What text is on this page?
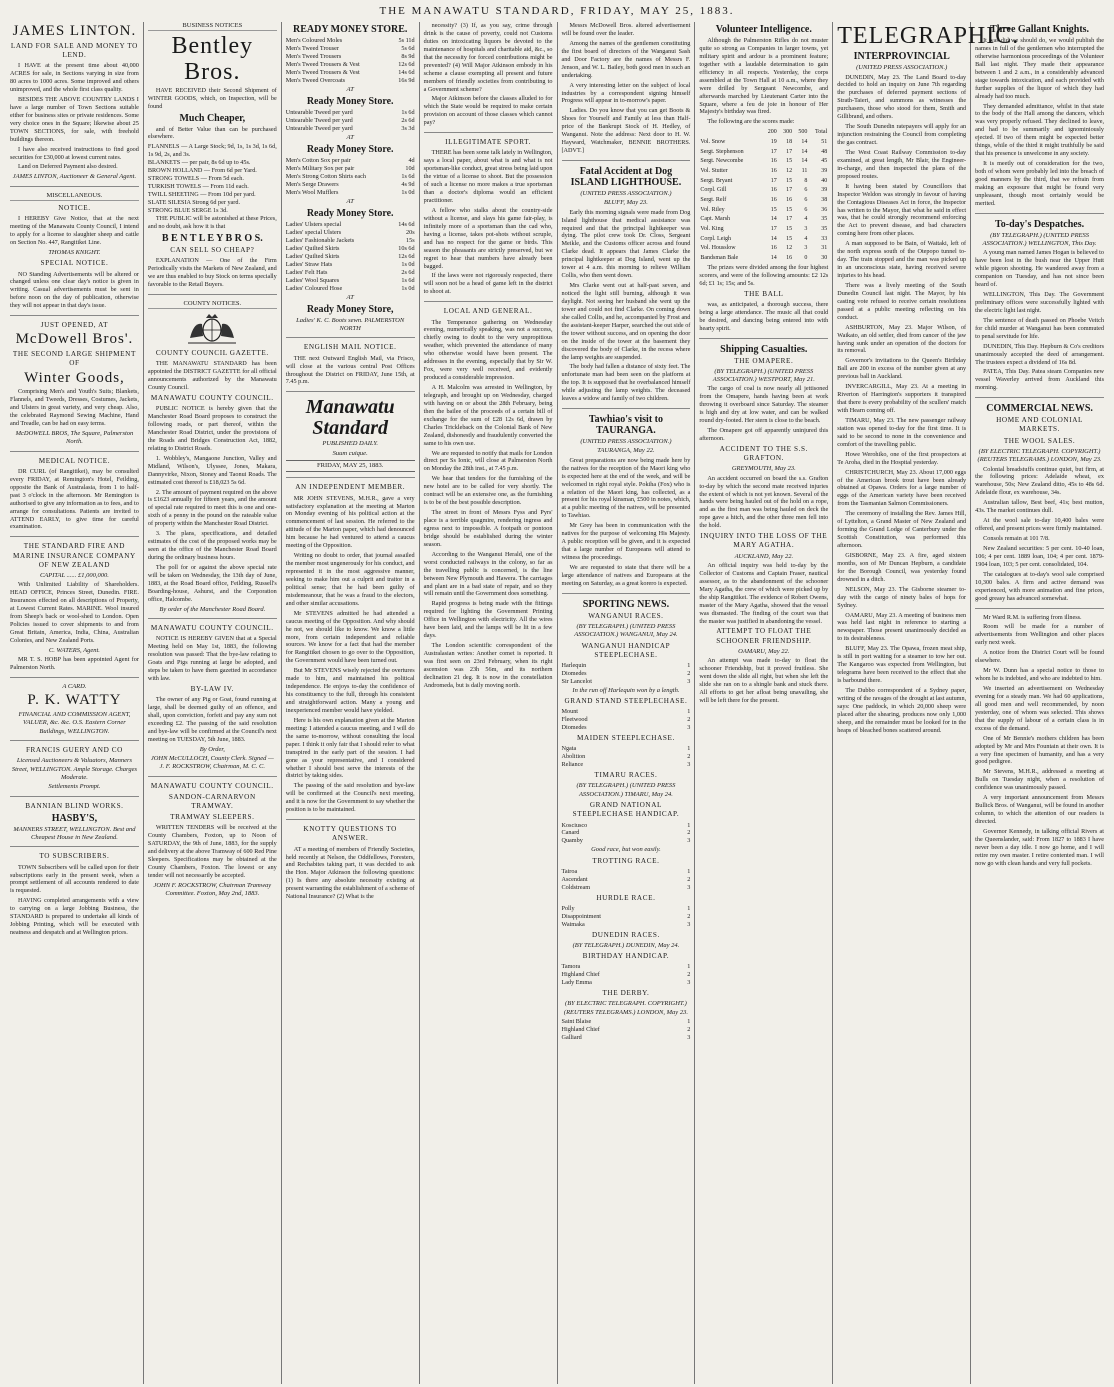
THE MANAWATU STANDARD, FRIDAY, MAY 25, 1883.
JAMES LINTON.
LAND FOR SALE AND MONEY TO LEND.

I HAVE at the present time about 40,000 ACRES for sale, in Sections varying in size from 80 acres to 1000 acres. Some improved and others unimproved, and the whole first class quality.

BESIDES THE ABOVE COUNTRY LANDS I have a large number of Town Sections suitable either for business sites or private residences. Some very choice ones in the Square; likewise about 25 TOWN SECTIONS, for sale, with freehold buildings thereon.

I have also received instructions to find good securities for £30,000 at lowest current rates.

Land on Deferred Payment also desired.

JAMES LINTON, Auctioneer & General Agent.
MISCELLANEOUS.
NOTICE.

I HEREBY Give Notice, that at the next meeting of the Manawatu County Council, I intend to apply for a license to slaughter sheep and cattle on Section No. 447, Rangitikei Line.

THOMAS KNIGHT.
SPECIAL NOTICE.

NO Standing Advertisements will be altered or changed unless one clear day's notice is given in writing. Casual advertisements must be sent in before noon on the day of publication, otherwise they will not appear in that day's issue.

JUST OPENED, AT
McDowell Bros'.
THE SECOND LARGE SHIPMENT OF
Winter Goods,

Comprising Men's and Youth's Suits; Blankets, Flannels, and Tweeds, Dresses, Costumes, Jackets, and Ulsters in great variety, and very cheap. Also, the celebrated Raymond Sewing Machine, Hand and Treadle, can be had on easy terms.

McDOWELL BROS, The Square, Palmerston North.
MEDICAL NOTICE.

DR CURL (of Rangitikei), may be consulted every FRIDAY, at Remington's Hotel, Feilding, opposite the Bank of Australasia, from 1 to half-past 3 o'clock in the afternoon. Mr Remington is authorised to give any information as to fees, and to arrange for consultations. Patients are invited to ATTEND EARLY, to give time for careful examination.

THE STANDARD FIRE AND MARINE INSURANCE COMPANY OF NEW ZEALAND
CAPITAL ...... £1,000,000.

With Unlimited Liability of Shareholders. HEAD OFFICE, Princes Street, Dunedin. FIRE. Insurances effected on all descriptions of Property, at Lowest Current Rates. MARINE. Wool insured from Sheep's back or wool-shed to London. Open Policies issued to cover shipments to and from Great Britain, America, India, China, Australian Colonies, and New Zealand Ports.

C. WATERS, Agent.

MR T. S. HOBP has been appointed Agent for Palmerston North.

A CARD.
P. K. WATTY
FINANCIAL AND COMMISSION AGENT, VALUER, &c. &c. O.S. Eastern Corner Buildings, WELLINGTON.
FRANCIS GUERY AND CO
Licensed Auctioneers & Valuators, Manners Street, WELLINGTON. Ample Storage. Charges Moderate.
Settlements Prompt.
BANNIAN BLIND WORKS.
HASBY'S,
MANNERS STREET, WELLINGTON. Best and Cheapest House in New Zealand.
TO SUBSCRIBERS.

TOWN Subscribers will be called upon for their subscriptions early in the present week, when a prompt settlement of all accounts rendered to date is requested.

HAVING completed arrangements with a view to carrying on a large Jobbing Business, the STANDARD is prepared to undertake all kinds of Jobbing Printing, which will be executed with neatness and despatch and at Wellington prices.

BUSINESS NOTICES
Bentley Bros.

HAVE RECEIVED their Second Shipment of WINTER GOODS, which, on Inspection, will be found

Much Cheaper,

and of Better Value than can be purchased elsewhere.

FLANNELS — A Large Stock; 9d, 1s, 1s 3d, 1s 6d, 1s 9d, 2s, and 3s.
BLANKETS — per pair, 8s 6d up to 45s.
BROWN HOLLAND — From 6d per Yard.
STRONG TOWELS — From 5d each.
TURKISH TOWELS — From 11d each.
TWILL SHEETING — From 10d per yard.
SLATE SILESIA Strong 6d per yard.
STRONG BLUE SERGE 1s 3d.

THE PUBLIC will be astonished at these Prices, and no doubt, ask how it is that

B E N T L E Y B R O S.
CAN SELL SO CHEAP?

EXPLANATION — One of the Firm Periodically visits the Markets of New Zealand, and we are thus enabled to buy Stock on terms specially favorable to the Retail Buyers.

COUNTY NOTICES.
COUNTY COUNCIL GAZETTE.

THE MANAWATU STANDARD has been appointed the DISTRICT GAZETTE for all official announcements authorized by the Manawatu County Council.

MANAWATU COUNTY COUNCIL.

PUBLIC NOTICE is hereby given that the Manchester Road Board proposes to construct the following roads, or part thereof, within the Manchester Road District, under the provisions of the Roads and Bridges Construction Act, 1882, relating to District Roads.

1. Wobbley's, Mangaone Junction, Valley and Midland, Wilson's, Ulyssee, Jones, Makara, Dannyvirke, Nixon, Stoney and Taonui Roads. The estimated cost thereof is £18,023 5s 6d.

2. The amount of payment required on the above is £1623 annually for fifteen years, and the amount of special rate required to meet this is one and one-sixth of a penny in the pound on the rateable value of property within the Manchester Road District.

3. The plans, specifications, and detailed estimates of the cost of the proposed works may be seen at the office of the Manchester Road Board during the ordinary business hours.

The poll for or against the above special rate will be taken on Wednesday, the 13th day of June, 1883, at the Road Board office, Feilding, Russell's Boarding-house, Ashurst, and the Corporation office, Halcombe.

By order of the Manchester Road Board.
MANAWATU COUNTY COUNCIL.

NOTICE IS HEREBY GIVEN that at a Special Meeting held on May 1st, 1883, the following resolution was passed: That the bye-law relating to Goats and Pigs running at large be adopted, and steps be taken to have them gazetted in accordance with law.

BY-LAW IV.

The owner of any Pig or Goat, found running at large, shall be deemed guilty of an offence, and shall, upon conviction, forfeit and pay any sum not exceeding £2. The passing of the said resolution and bye-law will be confirmed at the Council's next meeting on TUESDAY, 5th June, 1883.

By Order,
JOHN McCULLOCH, County Clerk. Signed — J. F. ROCKSTROW, Chairman, M. C. C.
MANAWATU COUNTY COUNCIL.
SANDON-CARNARVON TRAMWAY.
TRAMWAY SLEEPERS.

WRITTEN TENDERS will be received at the County Chambers, Foxton, up to Noon of SATURDAY, the 9th of June, 1883, for the supply and delivery at the above Tramway of 600 Red Pine Sleepers. Specifications may be obtained at the County Chambers, Foxton. The lowest or any tender will not necessarily be accepted.

JOHN F. ROCKSTROW, Chairman Tramway Committee. Foxton, May 2nd, 1883.
READY MONEY STORE.
Men's Coloured Moles	5s 11d
Men's Tweed Trouser	5s 6d
Men's Tweed Trousers	8s 9d
Men's Tweed Trousers & Vest	12s 6d
Men's Tweed Trousers & Vest	14s 6d
Men's Tweed Overcoats	16s 9d
AT
Ready Money Store.
Untearable Tweed per yard	1s 6d
Untearable Tweed per yard	2s 6d
Untearable Tweed per yard	3s 3d
AT
Ready Money Store.
Men's Cotton Sox per pair	4d
Men's Military Sox per pair	10d
Men's Strong Cotton Shirts each	1s 6d
Men's Serge Drawers	4s 9d
Men's Wool Mufflers	1s 0d
AT
Ready Money Store.
Ladies' Ulsters special	14s 6d
Ladies' special Ulsters	20s
Ladies' Fashionable Jackets	15s
Ladies' Quilted Skirts	10s 6d
Ladies' Quilted Skirts	12s 6d
Ladies' Straw Hats	1s 0d
Ladies' Felt Hats	2s 6d
Ladies' Wool Squares	1s 6d
Ladies' Coloured Hose	1s 0d
AT
Ready Money Store,
Ladies' K. C. Boots sewn. PALMERSTON NORTH
ENGLISH MAIL NOTICE.

THE next Outward English Mail, via Frisco, will close at the various central Post Offices throughout the District on FRIDAY, June 15th, at 7.45 p.m.

Manawatu Standard
PUBLISHED DAILY.
Suum cuique.
FRIDAY, MAY 25, 1883.
AN INDEPENDENT MEMBER.

MR JOHN STEVENS, M.H.R., gave a very satisfactory explanation at the meeting at Marton on Monday evening of his political action at the commencement of last session. He referred to the attitude of the Marton paper, which had denounced him because he had ventured to attend a caucus meeting of the Opposition.

Writing no doubt to order, that journal assailed the member most ungenerously for his conduct, and represented it in the most aggressive manner, seeking to make him out a culprit and traitor in a political sense; that he had been guilty of misdemeanour, that he was a fraud to the electors, and other similar accusations.

Mr STEVENS admitted he had attended a caucus meeting of the Opposition. And why should he not, we should like to know. We know a little more, from certain independent and reliable sources. We know for a fact that had the member for Rangitikei chosen to go over to the Opposition, the Government would have been turned out.

But Mr STEVENS wisely rejected the overtures made to him, and maintained his political independence. He enjoys to-day the confidence of his constituency to the full, through his consistent and straightforward action. Many a young and inexperienced member would have yielded.

Here is his own explanation given at the Marton meeting: I attended a caucus meeting, and I will do the same to-morrow, without consulting the local paper. I think it only fair that I should refer to what transpired in the early part of the session. I had gone as your representative, and I considered whether I should best serve the interests of the district by taking sides.

The passing of the said resolution and bye-law will be confirmed at the Council's next meeting, and it is now for the Government to say whether the position is to be maintained.

KNOTTY QUESTIONS TO ANSWER.

AT a meeting of members of Friendly Societies, held recently at Nelson, the Oddfellows, Foresters, and Rechabites taking part, it was decided to ask the Hon. Major Atkinson the following questions: (1) Is there any absolute necessity existing at present warranting the establishment of a scheme of National Insurance? (2) What is the

necessity? (3) If, as you say, crime through drink is the cause of poverty, could not Customs duties on intoxicating liquors be devoted to the maintenance of hospitals and charitable aid, &c., so that the necessity for forced contributions might be prevented? (4) Will Major Atkinson embody in his scheme a clause exempting all present and future members of friendly societies from contributing to a Government scheme?

Major Atkinson before the classes alluded to for which the State would be required to make certain provision on account of those classes which cannot pay?

ILLEGITIMATE SPORT.

THERE has been some talk lately in Wellington, says a local paper, about what is and what is not sportsman-like conduct, great stress being laid upon the virtue of a license to shoot. But the possession of such a license no more makes a true sportsman than a doctor's diploma would an efficient practitioner.

A fellow who stalks about the country-side without a license, and slays his game fair-play, is infinitely more of a sportsman than the cad who, having a license, takes pot-shots without scruple, and has no respect for the game or birds. This season the pheasants are strictly preserved, but we regret to hear that numbers have already been bagged.

If the laws were not rigorously respected, there will soon not be a head of game left in the district to shoot at.

LOCAL AND GENERAL.

The Temperance gathering on Wednesday evening, numerically speaking, was not a success, chiefly owing to doubt to the very unpropitious weather, which prevented the attendance of many who otherwise would have been present. The addresses in the evening, especially that by Sir W. Fox, were very well received, and evidently produced a considerable impression.

A H. Malcolm was arrested in Wellington, by telegraph, and brought up on Wednesday, charged with having on or about the 28th February, being then the bailee of the proceeds of a certain bill of exchange for the sum of £28 12s 6d, drawn by Charles Trickleback on the Colonial Bank of New Zealand, dishonestly and fraudulently converted the same to his own use.

We are requested to notify that mails for London direct per Ss Ionic, will close at Palmerston North on Monday the 28th inst., at 7.45 p.m.

We hear that tenders for the furnishing of the new hotel are to be called for very shortly. The contract will be an extensive one, as the furnishing is to be of the best possible description.

The street in front of Messrs Fyss and Pyrs' place is a terrible quagmire, rendering ingress and egress next to impossible. A footpath or pontoon bridge should be established during the winter season.

According to the Wanganui Herald, one of the worst conducted railways in the colony, so far as the travelling public is concerned, is the line between New Plymouth and Hawera. The carriages and plant are in a bad state of repair, and so they will remain until the Government does something.

Rapid progress is being made with the fittings required for lighting the Government Printing Office in Wellington with electricity. All the wires have been laid, and the lamps will be lit in a few days.

The London scientific correspondent of the Australasian writes: Another comet is reported. It was first seen on 23rd February, when its right ascension was 23h 56m, and its northern declination 21 deg. It is now in the constellation Andromeda, but is daily moving north.

Messrs McDowell Bros. altered advertisement will be found over the leader.

Among the names of the gentlemen constituting the first board of directors of the Wanganui Sash and Door Factory are the names of Messrs F. Jenson, and W. L. Bailey, both good men in such an undertaking.

A very interesting letter on the subject of local industries by a correspondent signing himself Progress will appear in to-morrow's paper.

Ladies. Do you know that you can get Boots & Shoes for Yourself and Family at less than Half-price of the Bankrupt Stock of H. Hedley, of Wanganui. Note the address: Next door to H. W. Hayward, Watchmaker, BENNIE BROTHERS. [ADVT.]

Fatal Accident at Dog ISLAND LIGHTHOUSE.
(UNITED PRESS ASSOCIATION.)
BLUFF, May 23.

Early this morning signals were made from Dog Island lighthouse that medical assistance was required and that the principal lightkeeper was dying. The pilot crew took Dr. Closs, Sergeant Meikle, and the Customs officer across and found Clarke dead. It appears that James Clarke the principal lightkeeper at Dog Island, went up the tower at 4 a.m. this morning to relieve William Collis, who then went down.

Mrs Clarke went out at half-past seven, and noticed the light still burning, although it was daylight. Not seeing her husband she went up the tower and could not find Clarke. On coming down she called Collis, and he, accompanied by Frost and the assistant-keeper Harper, searched the out side of the tower without success, and on opening the door on the inside of the tower at the basement they discovered the body of Clarke, in the recess where the lamp weights are suspended.

The body had fallen a distance of sixty feet. The unfortunate man had been seen on the platform at the top. It is supposed that he overbalanced himself while adjusting the lamp weights. The deceased leaves a widow and family of two children.

Tawhiao's visit to TAURANGA.
(UNITED PRESS ASSOCIATION.)
TAURANGA, May 22.

Great preparations are now being made here by the natives for the reception of the Maori king who is expected here at the end of the week, and will be welcomed in right royal style. Pokiha (Fox) who is a relation of the Maori king, has collected, as a present for his royal kinsman, £500 in notes, which, at a public meeting of the natives, will be presented to Tawhiao.

Mr Grey has been in communication with the natives for the purpose of welcoming His Majesty. A public reception will be given, and it is expected that a large number of Europeans will attend to witness the proceedings.

We are requested to state that there will be a large attendance of natives and Europeans at the meeting on Saturday, as a great korero is expected.

SPORTING NEWS.
WANGANUI RACES.
(BY TELEGRAPH.) (UNITED PRESS ASSOCIATION.) WANGANUI, May 24.
WANGANUI HANDICAP STEEPLECHASE.
Harlequin	1
Diomedes	2
Sir Lancelot	3
In the run off Harlequin won by a length.
GRAND STAND STEEPLECHASE.
Mount	1
Fleetwood	2
Diomedes	3
MAIDEN STEEPLECHASE.
Ngata	1
Abolition	2
Reliance	3
TIMARU RACES.
(BY TELEGRAPH.) (UNITED PRESS ASSOCIATION.) TIMARU, May 24.
GRAND NATIONAL STEEPLECHASE HANDICAP.
Kosciusco	1
Canard	2
Quamby	3
Good race, but won easily.
TROTTING RACE.
Tairoa	1
Ascendant	2
Coldstream	3
HURDLE RACE.
Polly	1
Disappointment	2
Waimaka	3
DUNEDIN RACES.
(BY TELEGRAPH.) DUNEDIN, May 24.
BIRTHDAY HANDICAP.
Tamora	1
Highland Chief	2
Lady Emma	3
THE DERBY.
(BY ELECTRIC TELEGRAPH. COPYRIGHT.) (REUTERS TELEGRAMS.) LONDON, May 23.
Saint Blaise	1
Highland Chief	2
Galliard	3
Volunteer Intelligence.

Although the Palmerston Rifles do not muster quite so strong as Companies in larger towns, yet military spirit and ardour is a prominent feature; together with a laudable determination to gain efficiency in all respects. Yesterday, the corps assembled at the Town Hall at 10 a.m., where they were drilled by Sergeant Newcombe, and afterwards marched by Lieutenant Carter into the Square, where a feu de joie in honour of Her Majesty's birthday was fired.

The following are the scores made:

	200	300	500	Total
Vol. Snow	19	18	14	51
Sergt. Stephenson	17	17	14	48
Sergt. Newcombe	16	15	14	45
Vol. Stutter	16	12	11	39
Sergt. Bryant	17	15	8	40
Corpl. Gill	16	17	6	39
Sergt. Relf	16	16	6	38
Vol. Riley	15	15	6	36
Capt. Marsh	14	17	4	35
Vol. King	17	15	3	35
Corpl. Leigh	14	15	4	33
Vol. Housslow	16	12	3	31
Bandsman Bale	14	16	0	30

The prizes were divided among the four highest scorers, and were of the following amounts: £2 12s 6d; £1 1s; 15s; and 5s.

THE BALL

was, as anticipated, a thorough success, there being a large attendance. The music all that could be desired, and dancing being entered into with hearty spirit.

Shipping Casualties.
THE OMAPERE.
(BY TELEGRAPH.) (UNITED PRESS ASSOCIATION.) WESTPORT, May 21.

The cargo of coal is now nearly all jettisoned from the Omapere, hands having been at work throwing it overboard since Saturday. The steamer is high and dry at low water, and can be walked round dry-footed. Her stern is close to the beach.

The Omapere got off apparently uninjured this afternoon.

ACCIDENT TO THE S.S. GRAFTON.
GREYMOUTH, May 23.

An accident occurred on board the s.s. Grafton to-day by which the second mate received injuries the extent of which is not yet known. Several of the hands were being hauled out of the hold on a rope, and as the first man was being hauled on deck the rope gave a hitch, and the other three men fell into the hold.

INQUIRY INTO THE LOSS OF THE MARY AGATHA.
AUCKLAND, May 22.

An official inquiry was held to-day by the Collector of Customs and Captain Fraser, nautical assessor, as to the abandonment of the schooner Mary Agatha, the crew of which were picked up by the ship Rangitikei. The evidence of Robert Owens, master of the Mary Agatha, showed that the vessel was dismasted. The finding of the court was that the master was justified in abandoning the vessel.

ATTEMPT TO FLOAT THE SCHOONER FRIENDSHIP.
OAMARU, May 22.

An attempt was made to-day to float the schooner Friendship, but it proved fruitless. She went down the slide all right, but when she left the slide she ran on to a shingle bank and stuck there. All efforts to get her afloat being unavailing, she will be left there for the present.

TELEGRAPHIC.
INTERPROVINCIAL
(UNITED PRESS ASSOCIATION.)

DUNEDIN, May 23. The Land Board to-day decided to hold an inquiry on June 7th regarding the purchases of deferred payment sections of Strath-Taieri, and summons as witnesses the purchasers, those who stood for them, Smith and Gillibrand, and others.

The South Dunedin ratepayers will apply for an injunction restraining the Council from completing the gas contract.

The West Coast Railway Commission to-day examined, at great length, Mr Blair, the Engineer-in-charge, and then inspected the plans of the proposed routes.

It having been stated by Councillors that Inspector Weldon was strongly in favour of having the Contagious Diseases Act in force, the Inspector has written to the Mayor, that what he said in effect was, that he could strongly recommend enforcing the Act to prevent disease, and bad characters coming here from other places.

A man supposed to be Bain, of Waitaki, left of the north express south of the Otepopo tunnel to-day. The train stopped and the man was picked up in an unconscious state, having received severe injuries to his head.

There was a lively meeting of the South Dunedin Council last night. The Mayor, by his casting vote refused to receive certain resolutions passed at a public meeting reflecting on his conduct.

ASHBURTON, May 23. Major Wilson, of Waikato, an old settler, died from cancer of the jaw having sunk under an operation of the doctors for its removal.

Governor's invitations to the Queen's Birthday Ball are 200 in excess of the number given at any previous ball in Auckland.

INVERCARGILL, May 23. At a meeting in Riverton of Harrington's supporters it transpired that there is every probability of the scullers' match with Hearn coming off.

TIMARU, May 23. The new passenger railway station was opened to-day for the first time. It is said to be second to none in the convenience and comfort of the travelling public.

Howe Werohiko, one of the first prospectors at Te Aroha, died in the Hospital yesterday.

CHRISTCHURCH, May 23. About 17,000 eggs of the American brook trout have been already obtained at Opawa. Orders for a large number of eggs of the American variety have been received from the Tasmanian Salmon Commissioners.

The ceremony of installing the Rev. James Hill, of Lyttelton, a Grand Master of New Zealand and forming the Grand Lodge of Canterbury under the Scottish Constitution, was performed this afternoon.

GISBORNE, May 23. A fire, aged sixteen months, son of Mr Duncan Hepburn, a candidate for the Borough Council, was yesterday found drowned in a ditch.

NELSON, May 23. The Gisborne steamer to-day with the cargo of ninety bales of hops for Sydney.

OAMARU, May 23. A meeting of business men was held last night in reference to starting a newspaper. Those present unanimously decided as to its desirableness.

BLUFF, May 23. The Opawa, frozen meat ship, is still in port waiting for a steamer to tow her out. The Kangaroo was expected from Wellington, but telegrams have been received to the effect that she is barbound there.

The Dubbo correspondent of a Sydney paper, writing of the ravages of the drought at last autumn, says: One paddock, in which 20,000 sheep were placed after the shearing, produces now only 1,000 sheep, and the remainder must be looked for in the heaps of bleached bones scattered around.

Three Gallant Knights.

It was did we should do, we would publish the names in full of the gentlemen who interrupted the otherwise harmonious proceedings of the Volunteer Ball last night. They made their appearance between 1 and 2 a.m., in a considerably advanced stage towards intoxication, and each provided with further supplies of the liquor of which they had already had too much.

They demanded admittance, whilst in that state to the body of the Hall among the dancers, which was very properly refused. They declined to leave, and had to be summarily and ignominiously ejected. If two of them might be expected better things, while of the third it might truthfully be said that his presence is unwelcome in any society.

It is meetly out of consideration for the two, both of whom were probably led into the breach of good manners by the third, that we refrain from making an exposure that might be found very unpleasant, though most certainly would be merited.

To-day's Despatches.
(BY TELEGRAPH.) (UNITED PRESS ASSOCIATION.) WELLINGTON, This Day.

A young man named James Hogan is believed to have been lost in the bush near the Upper Hutt while pigeon shooting. He wandered away from a companion on Tuesday, and has not since been heard of.

WELLINGTON, This Day. The Government preliminary offices were successfully lighted with the electric light last night.

The sentence of death passed on Phoebe Veitch for child murder at Wanganui has been commuted to penal servitude for life.

DUNEDIN, This Day. Hepburn & Co's creditors unanimously accepted the deed of arrangement. The trustees expect a dividend of 16s 8d.

PATEA, This Day. Patea steam Companies new vessel Waverley arrived from Auckland this morning.

COMMERCIAL NEWS.
HOME AND COLONIAL MARKETS.
THE WOOL SALES.
(BY ELECTRIC TELEGRAPH. COPYRIGHT.) (REUTERS TELEGRAMS.) LONDON, May 23.

Colonial breadstuffs continue quiet, but firm, at the following prices: Adelaide wheat, ex warehouse, 50s; New Zealand ditto, 45s to 48s 6d. Adelaide flour, ex warehouse, 34s.

Australian tallow, Best beef, 41s; best mutton, 43s. The market continues dull.

At the wool sale to-day 10,400 bales were offered, and present prices were firmly maintained.

Consols remain at 101 7/8.

New Zealand securities: 5 per cent. 10-40 loan, 106; 4 per cent. 1889 loan, 104; 4 per cent. 1879-1904 loan, 103; 5 per cent. consolidated, 104.

The catalogues at to-day's wool sale comprised 10,300 bales. A firm and active demand was experienced, with more animation and fine prices, good greasy has advanced somewhat.

Mr Ward R.M. is suffering from illness.

Room will be made for a number of advertisements from Wellington and other places early next week.

A notice from the District Court will be found elsewhere.

Mr W. Dunn has a special notice to those to whom he is indebted, and who are indebted to him.

We inserted an advertisement on Wednesday evening for a steady man. We had 60 applications, all good men and well recommended, by noon yesterday, one of whom was selected. This shows that the supply of labour of a certain class is in excess of the demand.

One of Mr Bennie's mothers children has been adopted by Mr and Mrs Fountain at their own. It is a very fine specimen of humanity, and has a very good pedigree.

Mr Stevens, M.H.R., addressed a meeting at Bulls on Tuesday night, when a resolution of confidence was unanimously passed.

A very important announcement from Messrs Bullick Bros. of Wanganui, will be found in another column, to which the attention of our readers is directed.

Governor Kennedy, in talking official Rivers at the Queenslander, said: From 1827 to 1883 I have never been a day idle. I now go home, and I will retire my own master. I retire contented man. I will now go with clean hands and very full pockets.
